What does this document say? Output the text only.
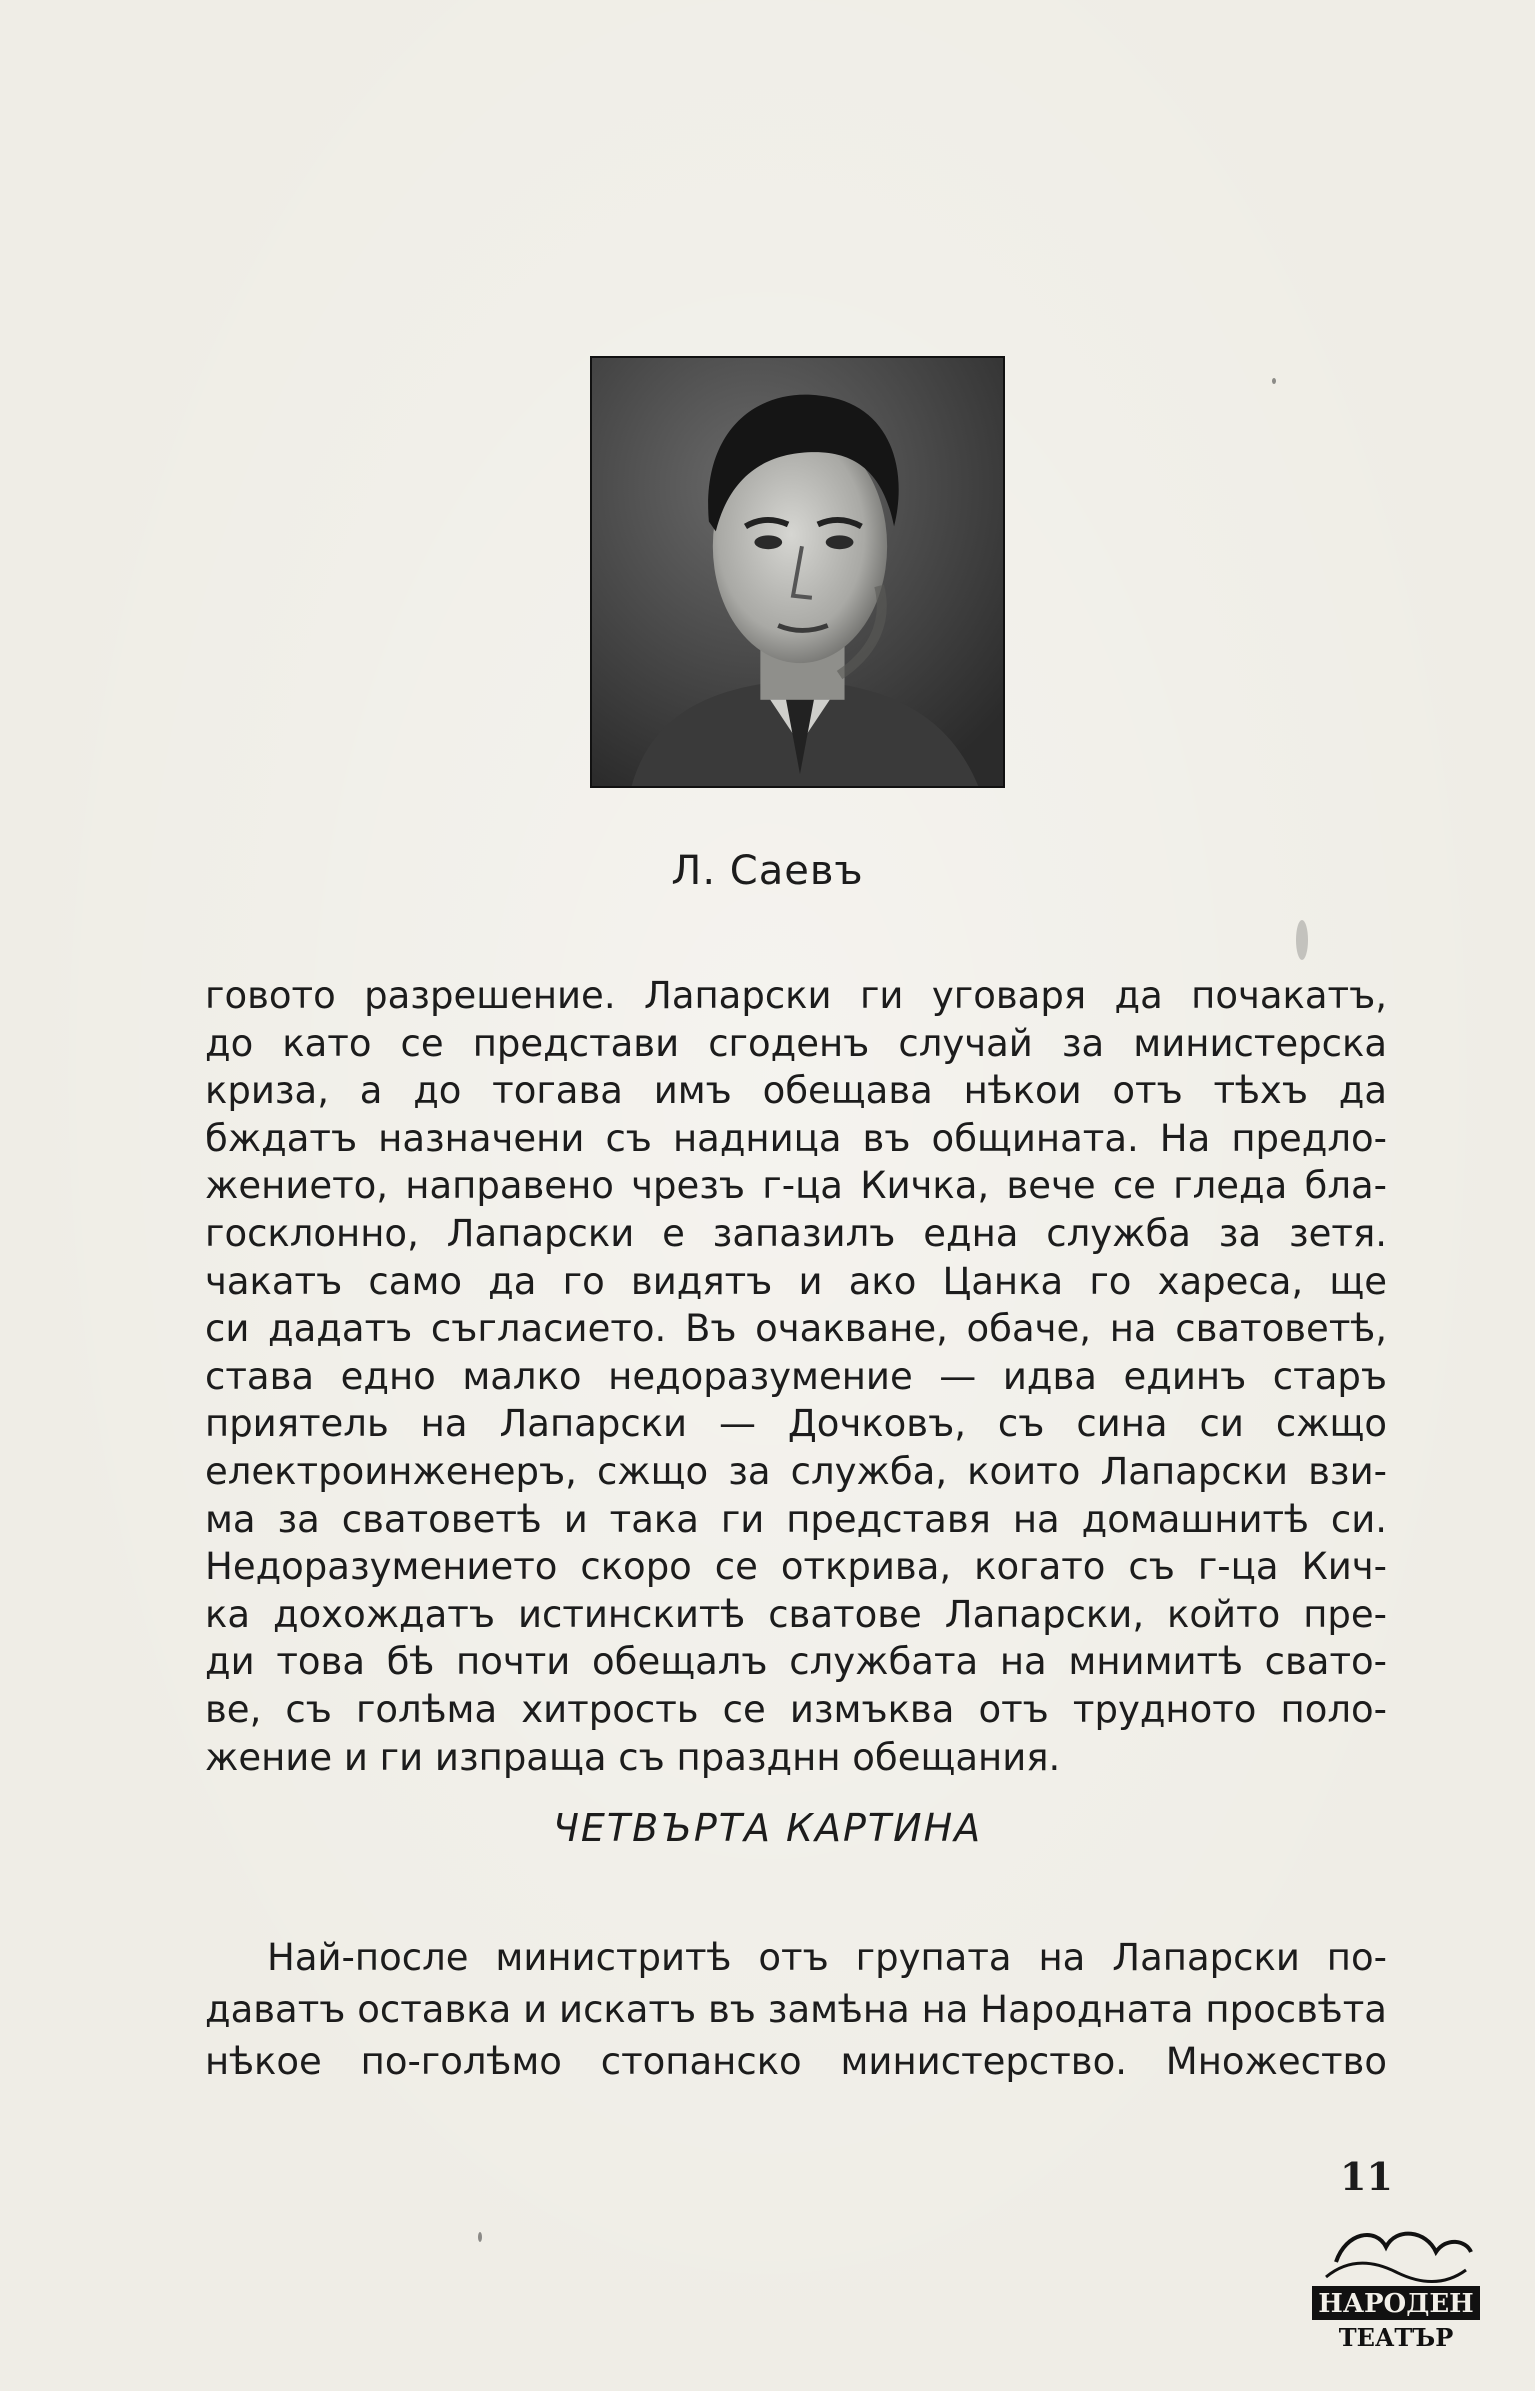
Л. Саевъ
говото разрешение. Лапарски ги уговаря да почакатъ,
до като се представи сгоденъ случай за министерска
криза, а до тогава имъ обещава нѣкои отъ тѣхъ да
бждатъ назначени съ надница въ общината. На предло-
жението, направено чрезъ г-ца Кичка, вече се гледа бла-
госклонно, Лапарски е запазилъ една служба за зетя.
чакатъ само да го видятъ и ако Цанка го хареса, ще
си дадатъ съгласието. Въ очакване, обаче, на сватоветѣ,
става едно малко недоразумение — идва единъ старъ
приятель на Лапарски — Дочковъ, съ сина си сжщо
електроинженеръ, сжщо за служба, които Лапарски взи-
ма за сватоветѣ и така ги представя на домашнитѣ си.
Недоразумението скоро се открива, когато съ г-ца Кич-
ка дохождатъ истинскитѣ сватове Лапарски, който пре-
ди това бѣ почти обещалъ службата на мнимитѣ свато-
ве, съ голѣма хитрость се измъква отъ трудното поло-
жение и ги изпраща съ празднн обещания.
ЧЕТВЪРТА КАРТИНА
Най-после министритѣ отъ групата на Лапарски по-
даватъ оставка и искатъ въ замѣна на Народната просвѣта
нѣкое по-голѣмо стопанско министерство. Множество
11
НАРОДЕН
ТЕАТЪР
